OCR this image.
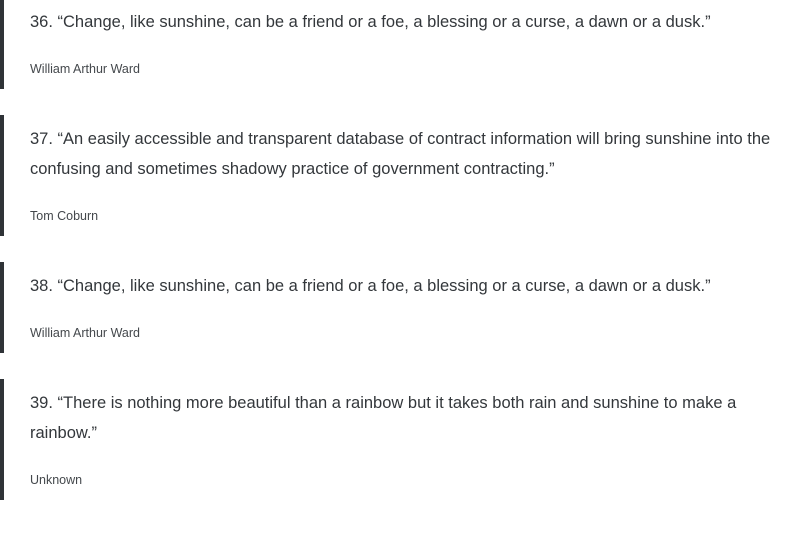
36. “Change, like sunshine, can be a friend or a foe, a blessing or a curse, a dawn or a dusk.”

William Arthur Ward

37. “An easily accessible and transparent database of contract information will bring sunshine into the confusing and sometimes shadowy practice of government contracting.”

Tom Coburn

38. “Change, like sunshine, can be a friend or a foe, a blessing or a curse, a dawn or a dusk.”

William Arthur Ward

39. “There is nothing more beautiful than a rainbow but it takes both rain and sunshine to make a rainbow.”

Unknown
